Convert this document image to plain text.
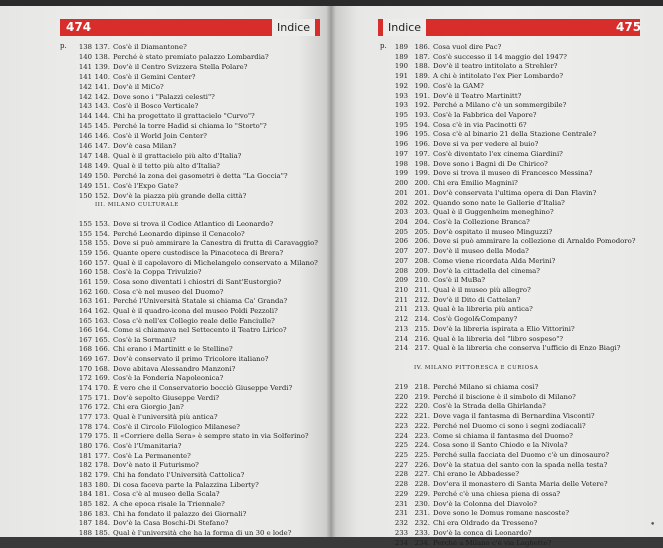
474	Indice	Indice	475
p.	p.
138 137. Cos'è il Diamantone?
140 138. Perché è stato premiato palazzo Lombardia?
141 139. Dov'è il Centro Svizzera Stella Polare?
141 140. Cos'è il Gemini Center?
142 141. Dov'è il MiCo?
142 142. Dove sono i "Palazzi celesti"?
143 143. Cos'è il Bosco Verticale?
144 144. Chi ha progettato il grattacielo "Curvo"?
145 145. Perché la torre Hadid si chiama lo "Storto"?
146 146. Cos'è il World Join Center?
146 147. Dov'è casa Milan?
147 148. Qual è il grattacielo più alto d'Italia?
148 149. Qual è il tetto più alto d'Italia?
149 150. Perché la zona dei gasometri è detta "La Goccia"?
149 151. Cos'è l'Expo Gate?
150 152. Dov'è la piazza più grande della città?
III. MILANO CULTURALE
155 153. Dove si trova il Codice Atlantico di Leonardo?
155 154. Perché Leonardo dipinse il Cenacolo?
158 155. Dove si può ammirare la Canestra di frutta di Caravaggio?
159 156. Quante opere custodisce la Pinacoteca di Brera?
160 157. Qual è il capolavoro di Michelangelo conservato a Milano?
160 158. Cos'è la Coppa Trivulzio?
161 159. Cosa sono diventati i chiostri di Sant'Eustorgio?
162 160. Cosa c'è nel museo del Duomo?
163 161. Perché l'Università Statale si chiama Ca' Granda?
164 162. Qual è il quadro-icona del museo Poldi Pezzoli?
165 163. Cosa c'è nell'ex Collegio reale delle Fanciulle?
166 164. Come si chiamava nel Settecento il Teatro Lirico?
167 165. Cos'è la Sormani?
168 166. Chi erano i Martinitt e le Stelline?
169 167. Dov'è conservato il primo Tricolore italiano?
170 168. Dove abitava Alessandro Manzoni?
172 169. Cos'è la Fonderia Napoleonica?
174 170. È vero che il Conservatorio bocciò Giuseppe Verdi?
175 171. Dov'è sepolto Giuseppe Verdi?
176 172. Chi era Giorgio Jan?
177 173. Qual è l'università più antica?
178 174. Cos'è il Circolo Filologico Milanese?
179 175. Il «Corriere della Sera» è sempre stato in via Solferino?
180 176. Cos'è l'Umanitaria?
181 177. Cos'è La Permanente?
182 178. Dov'è nato il Futurismo?
182 179. Chi ha fondato l'Università Cattolica?
183 180. Di cosa faceva parte la Palazzina Liberty?
184 181. Cosa c'è al museo della Scala?
185 182. A che epoca risale la Triennale?
186 183. Chi ha fondato il palazzo dei Giornali?
187 184. Dov'è la Casa Boschi-Di Stefano?
188 185. Qual è l'università che ha la forma di un 30 e lode?
189 186. Cosa vuol dire Pac?
189 187. Cos'è successo il 14 maggio del 1947?
190 188. Dov'è il teatro intitolato a Strehler?
191 189. A chi è intitolato l'ex Pier Lombardo?
192 190. Cos'è la GAM?
193 191. Dov'è il Teatro Martinitt?
193 192. Perché a Milano c'è un sommergibile?
195 193. Cos'è la Fabbrica del Vapore?
195 194. Cosa c'è in via Pacinotti 6?
196 195. Cosa c'è al binario 21 della Stazione Centrale?
196 196. Dove si va per vedere al buio?
197 197. Cos'è diventato l'ex cinema Giardini?
198 198. Dove sono i Bagni di De Chirico?
199 199. Dove si trova il museo di Francesco Messina?
200 200. Chi era Emilio Magnini?
201 201. Dov'è conservata l'ultima opera di Dan Flavin?
202 202. Quando sono nate le Gallerie d'Italia?
203 203. Qual è il Guggenheim meneghino?
204 204. Cos'è la Collezione Branca?
205 205. Dov'è ospitato il museo Minguzzi?
206 206. Dove si può ammirare la collezione di Arnaldo Pomodoro?
207 207. Dov'è il museo della Moda?
207 208. Come viene ricordata Alda Merini?
208 209. Dov'è la cittadella del cinema?
209 210. Cos'è il MuBa?
210 211. Qual è il museo più allegro?
211 212. Dov'è il Dito di Cattelan?
211 213. Qual è la libreria più antica?
212 214. Cos'è Gogol&Company?
213 215. Dov'è la libreria ispirata a Elio Vittorini?
214 216. Qual è la libreria del "libro sospeso"?
214 217. Qual è la libreria che conserva l'ufficio di Enzo Biagi?
IV. MILANO PITTORESCA E CURIOSA
219 218. Perché Milano si chiama così?
220 219. Perché il biscione è il simbolo di Milano?
222 220. Cos'è la Strada della Ghirlanda?
222 221. Dove vaga il fantasma di Bernardina Visconti?
223 222. Perché nel Duomo ci sono i segni zodiacali?
224 223. Come si chiama il fantasma del Duomo?
225 224. Cosa sono il Santo Chiodo e la Nivola?
225 225. Perché sulla facciata del Duomo c'è un dinosauro?
227 226. Dov'è la statua del santo con la spada nella testa?
228 227. Chi erano le Abbadesse?
228 228. Dov'era il monastero di Santa Maria delle Vetere?
229 229. Perché c'è una chiesa piena di ossa?
231 230. Dov'è la Colonna del Diavolo?
231 231. Dove sono le Domus romane nascoste?
232 232. Chi era Oldrado da Tresseno?
233 233. Dov'è la conca di Leonardo?
234 234. Perché a Milano c'è via Laghetto?
•
